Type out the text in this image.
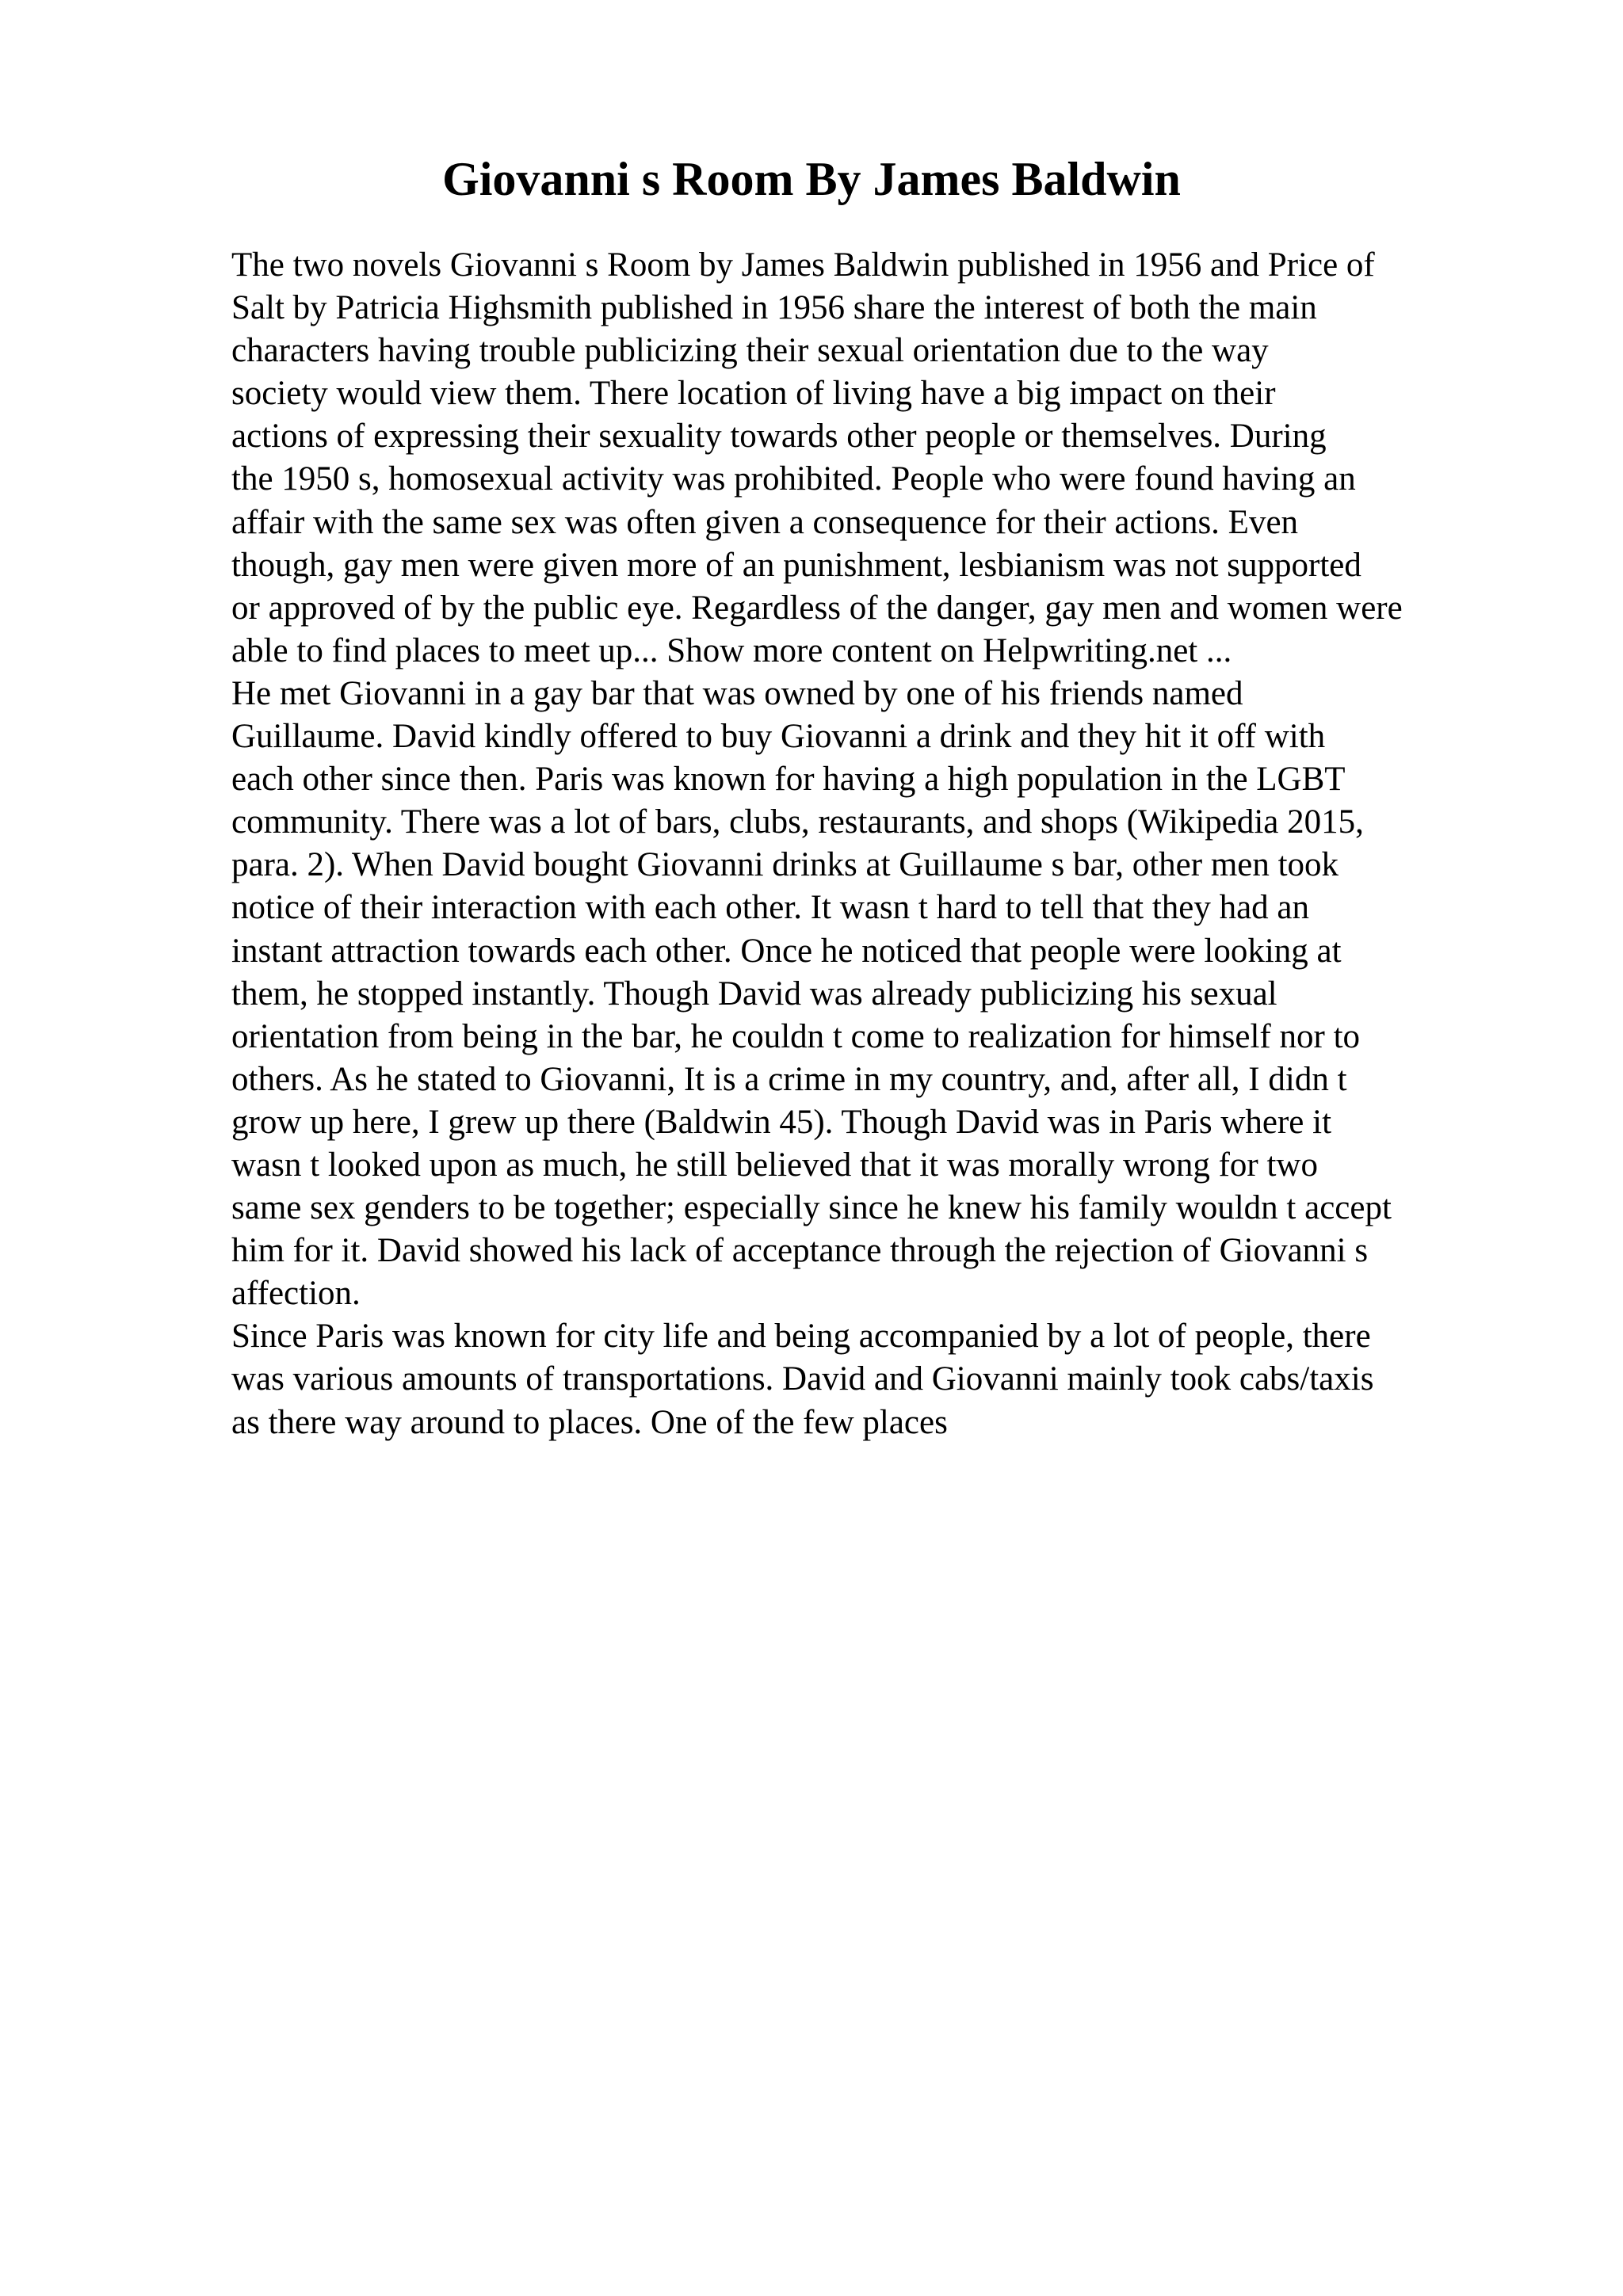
Giovanni s Room By James Baldwin
The two novels Giovanni s Room by James Baldwin published in 1956 and Price of
Salt by Patricia Highsmith published in 1956 share the interest of both the main
characters having trouble publicizing their sexual orientation due to the way
society would view them. There location of living have a big impact on their
actions of expressing their sexuality towards other people or themselves. During
the 1950 s, homosexual activity was prohibited. People who were found having an
affair with the same sex was often given a consequence for their actions. Even
though, gay men were given more of an punishment, lesbianism was not supported
or approved of by the public eye. Regardless of the danger, gay men and women were
able to find places to meet up... Show more content on Helpwriting.net ...
He met Giovanni in a gay bar that was owned by one of his friends named
Guillaume. David kindly offered to buy Giovanni a drink and they hit it off with
each other since then. Paris was known for having a high population in the LGBT
community. There was a lot of bars, clubs, restaurants, and shops (Wikipedia 2015,
para. 2). When David bought Giovanni drinks at Guillaume s bar, other men took
notice of their interaction with each other. It wasn t hard to tell that they had an
instant attraction towards each other. Once he noticed that people were looking at
them, he stopped instantly. Though David was already publicizing his sexual
orientation from being in the bar, he couldn t come to realization for himself nor to
others. As he stated to Giovanni, It is a crime in my country, and, after all, I didn t
grow up here, I grew up there (Baldwin 45). Though David was in Paris where it
wasn t looked upon as much, he still believed that it was morally wrong for two
same sex genders to be together; especially since he knew his family wouldn t accept
him for it. David showed his lack of acceptance through the rejection of Giovanni s
affection.
Since Paris was known for city life and being accompanied by a lot of people, there
was various amounts of transportations. David and Giovanni mainly took cabs/taxis
as there way around to places. One of the few places
